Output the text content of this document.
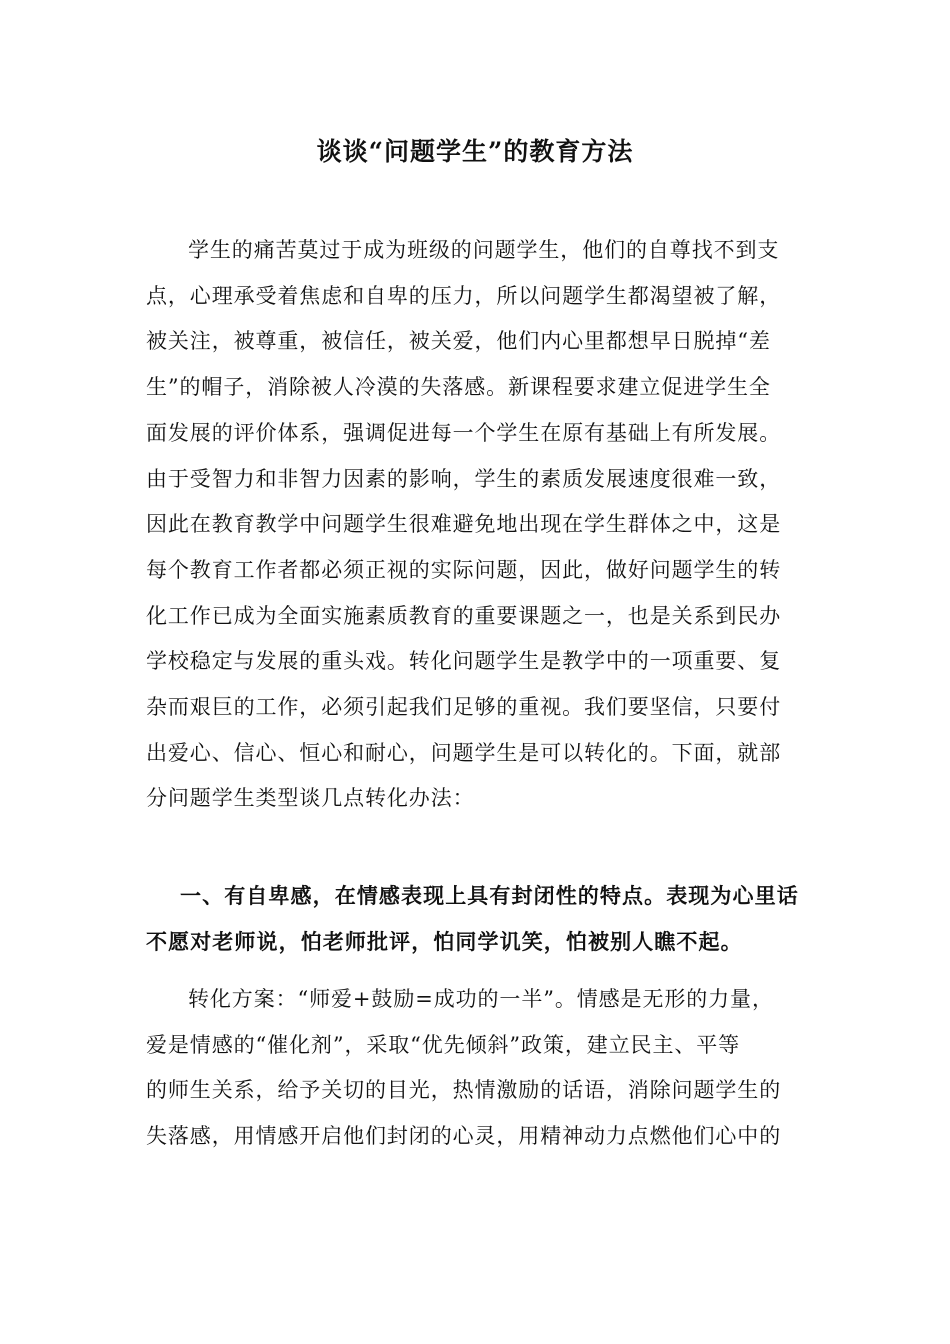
谈谈“问题学生”的教育方法
学生的痛苦莫过于成为班级的问题学生，他们的自尊找不到支
点，心理承受着焦虑和自卑的压力，所以问题学生都渴望被了解，
被关注，被尊重，被信任，被关爱，他们内心里都想早日脱掉“差
生”的帽子，消除被人冷漠的失落感。新课程要求建立促进学生全
面发展的评价体系，强调促进每一个学生在原有基础上有所发展。
由于受智力和非智力因素的影响，学生的素质发展速度很难一致，
因此在教育教学中问题学生很难避免地出现在学生群体之中，这是
每个教育工作者都必须正视的实际问题，因此，做好问题学生的转
化工作已成为全面实施素质教育的重要课题之一，也是关系到民办
学校稳定与发展的重头戏。转化问题学生是教学中的一项重要、复
杂而艰巨的工作，必须引起我们足够的重视。我们要坚信，只要付
出爱心、信心、恒心和耐心，问题学生是可以转化的。下面，就部
分问题学生类型谈几点转化办法：
一、有自卑感，在情感表现上具有封闭性的特点。表现为心里话
不愿对老师说，怕老师批评，怕同学讥笑，怕被别人瞧不起。
转化方案：“师爱+鼓励=成功的一半”。情感是无形的力量，
爱是情感的“催化剂”，采取“优先倾斜”政策，建立民主、平等
的师生关系，给予关切的目光，热情激励的话语，消除问题学生的
失落感，用情感开启他们封闭的心灵，用精神动力点燃他们心中的
